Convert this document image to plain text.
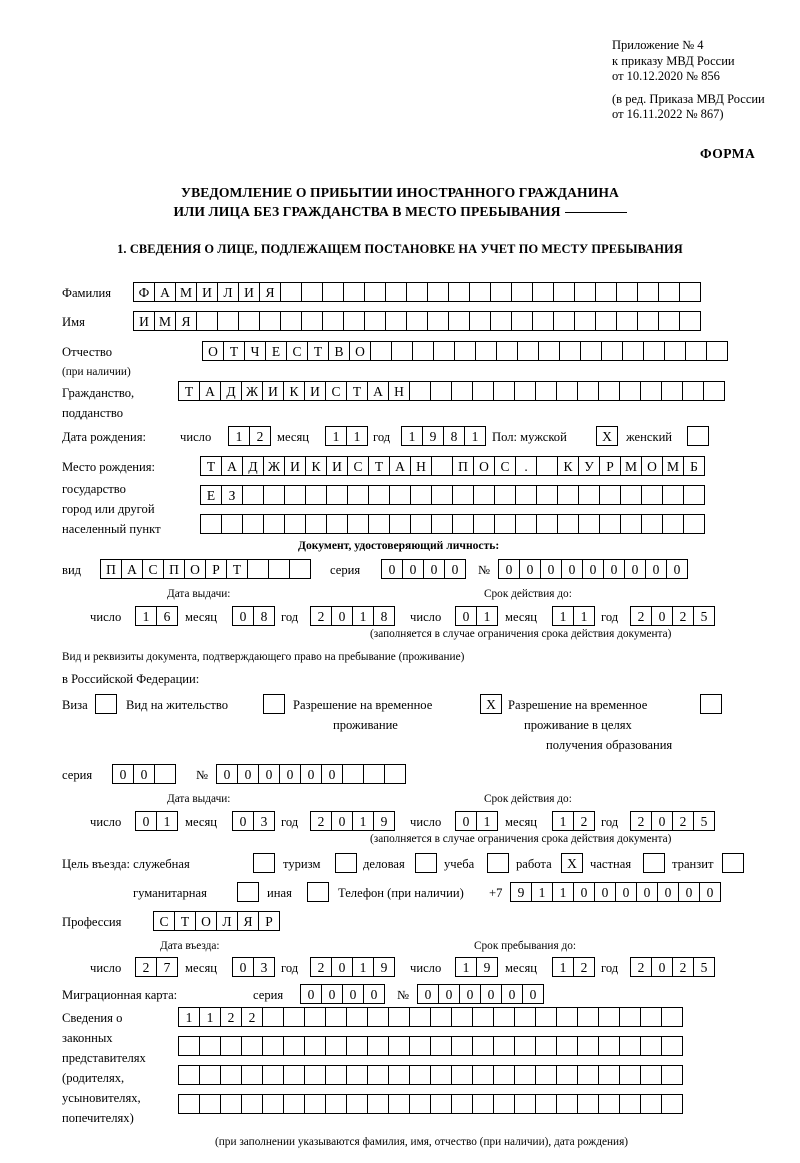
Приложение № 4
к приказу МВД России
от 10.12.2020 № 856
(в ред. Приказа МВД России
от 16.11.2022 № 867)
ФОРМА
УВЕДОМЛЕНИЕ О ПРИБЫТИИ ИНОСТРАННОГО ГРАЖДАНИНА
ИЛИ ЛИЦА БЕЗ ГРАЖДАНСТВА В МЕСТО ПРЕБЫВАНИЯ
1. СВЕДЕНИЯ О ЛИЦЕ, ПОДЛЕЖАЩЕМ ПОСТАНОВКЕ НА УЧЕТ ПО МЕСТУ ПРЕБЫВАНИЯ
Фамилия	Ф А М И Л И Я
Имя	И М Я
Отчество
(при наличии)
О Т Ч Е С Т В О
Гражданство,
подданство
Т А Д Ж И К И С Т А Н
Дата рождения:	число	1	2	месяц	1	1	год	1	9	8	1	Пол: мужской	X	женский
Место рождения:
государство
город или другой
населенный пункт
Т А Д Ж И К И С Т А Н	П О С	.	К У Р М О М Б
Е З
Документ, удостоверяющий личность:
вид	П А С П О Р Т	серия	0	0	0	0	№	0	0	0	0	0	0	0	0	0
Дата выдачи:	Срок действия до:
число	1	6	месяц	0	8	год	2	0	1	8	число	0	1	месяц	1	1	год	2	0	2	5
(заполняется в случае ограничения срока действия документа)
Вид и реквизиты документа, подтверждающего право на пребывание (проживание)
в Российской Федерации:
Виза	Вид на жительство	Разрешение на временное
проживание
X Разрешение на временное
проживание в целях
получения образования
серия	0	0	№	0	0	0	0	0	0
Дата выдачи:	Срок действия до:
число	0	1	месяц	0	3	год	2	0	1	9	число	0	1	месяц	1	2	год	2	0	2	5
(заполняется в случае ограничения срока действия документа)
Цель въезда: служебная	туризм	деловая	учеба	работа	X	частная	транзит
гуманитарная	иная	Телефон (при наличии) +7	9	1	1	0	0	0	0	0	0	0
Профессия	С Т О Л Я Р
Дата въезда:	Срок пребывания до:
число	2	7	месяц	0	3	год	2	0	1	9	число	1	9	месяц	1	2	год	2	0	2	5
Миграционная карта:	серия	0	0	0	0	№	0	0	0	0	0	0
Сведения о
законных
представителях
(родителях,
усыновителях,
попечителях)
1	1	2	2
(при заполнении указываются фамилия, имя, отчество (при наличии), дата рождения)
